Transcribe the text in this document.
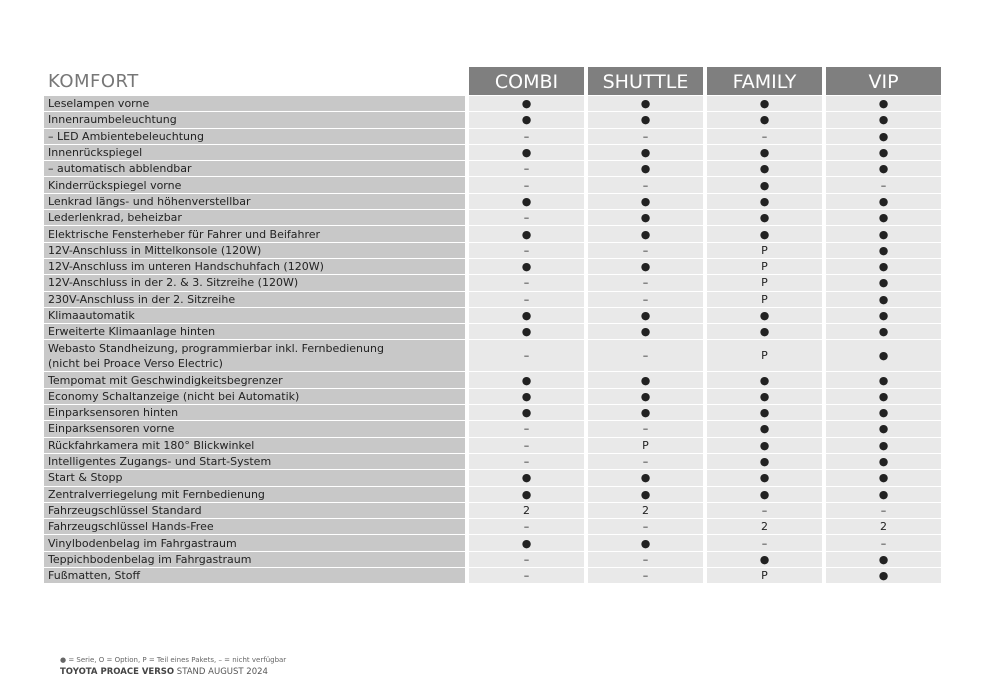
KOMFORT	COMBI	SHUTTLE	FAMILY	VIP
Leselampen vorne	●	●	●	●
Innenraumbeleuchtung	●	●	●	●
– LED Ambientebeleuchtung	–	–	–	●
Innenrückspiegel	●	●	●	●
– automatisch abblendbar	–	●	●	●
Kinderrückspiegel vorne	–	–	●	–
Lenkrad längs- und höhenverstellbar	●	●	●	●
Lederlenkrad, beheizbar	–	●	●	●
Elektrische Fensterheber für Fahrer und Beifahrer	●	●	●	●
12V-Anschluss in Mittelkonsole (120W)	–	–	P	●
12V-Anschluss im unteren Handschuhfach (120W)	●	●	P	●
12V-Anschluss in der 2. & 3. Sitzreihe (120W)	–	–	P	●
230V-Anschluss in der 2. Sitzreihe	–	–	P	●
Klimaautomatik	●	●	●	●
Erweiterte Klimaanlage hinten	●	●	●	●
Webasto Standheizung, programmierbar inkl. Fernbedienung
(nicht bei Proace Verso Electric)
–	–	P	●
Tempomat mit Geschwindigkeitsbegrenzer	●	●	●	●
Economy Schaltanzeige (nicht bei Automatik)	●	●	●	●
Einparksensoren hinten	●	●	●	●
Einparksensoren vorne	–	–	●	●
Rückfahrkamera mit 180° Blickwinkel	–	P	●	●
Intelligentes Zugangs- und Start-System	–	–	●	●
Start & Stopp	●	●	●	●
Zentralverriegelung mit Fernbedienung	●	●	●	●
Fahrzeugschlüssel Standard	2	2	–	–
Fahrzeugschlüssel Hands-Free	–	–	2	2
Vinylbodenbelag im Fahrgastraum	●	●	–	–
Teppichbodenbelag im Fahrgastraum	–	–	●	●
Fußmatten, Stoff	–	–	P	●
● = Serie, O = Option, P = Teil eines Pakets, – = nicht verfügbar
TOYOTA PROACE VERSO STAND AUGUST 2024
